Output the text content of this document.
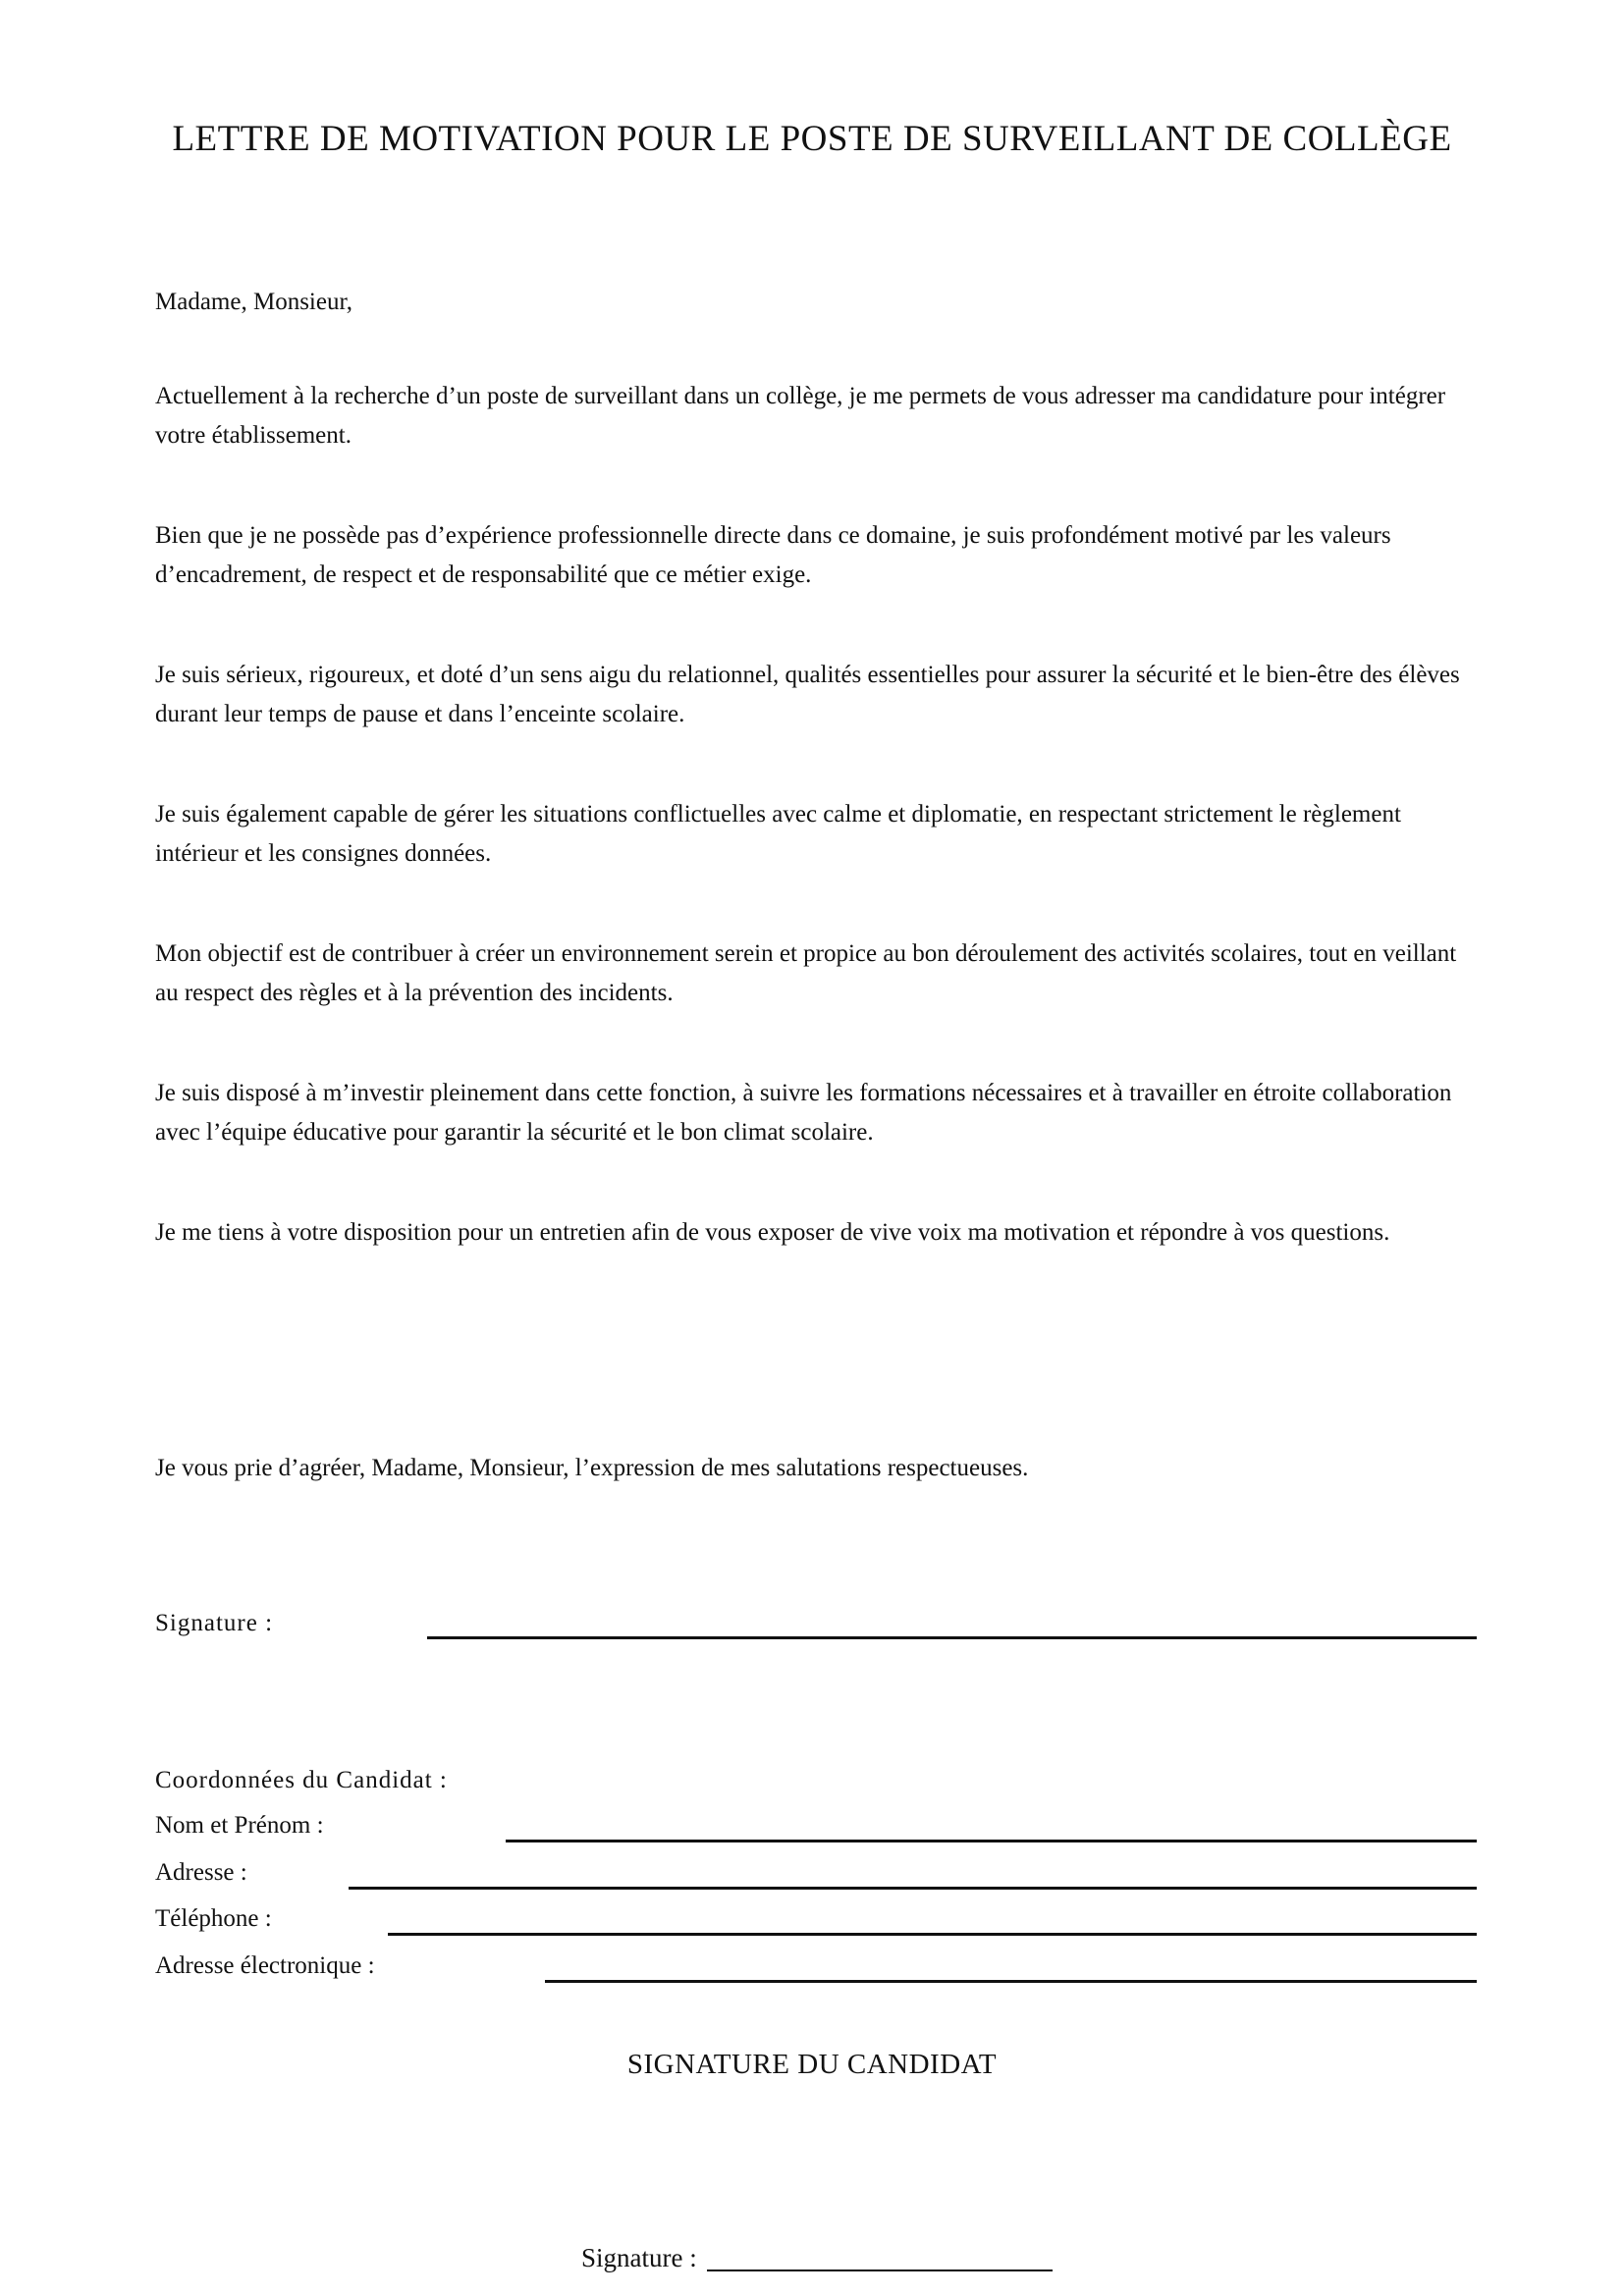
LETTRE DE MOTIVATION POUR LE POSTE DE SURVEILLANT DE COLLÈGE

Madame, Monsieur,

Actuellement à la recherche d’un poste de surveillant dans un collège, je me permets de vous adresser ma candidature pour intégrer votre établissement.

Bien que je ne possède pas d’expérience professionnelle directe dans ce domaine, je suis profondément motivé par les valeurs d’encadrement, de respect et de responsabilité que ce métier exige.

Je suis sérieux, rigoureux, et doté d’un sens aigu du relationnel, qualités essentielles pour assurer la sécurité et le bien-être des élèves durant leur temps de pause et dans l’enceinte scolaire.

Je suis également capable de gérer les situations conflictuelles avec calme et diplomatie, en respectant strictement le règlement intérieur et les consignes données.

Mon objectif est de contribuer à créer un environnement serein et propice au bon déroulement des activités scolaires, tout en veillant au respect des règles et à la prévention des incidents.

Je suis disposé à m’investir pleinement dans cette fonction, à suivre les formations nécessaires et à travailler en étroite collaboration avec l’équipe éducative pour garantir la sécurité et le bon climat scolaire.

Je me tiens à votre disposition pour un entretien afin de vous exposer de vive voix ma motivation et répondre à vos questions.

Je vous prie d’agréer, Madame, Monsieur, l’expression de mes salutations respectueuses.

Signature :
Coordonnées du Candidat :
Nom et Prénom :
Adresse :
Téléphone :
Adresse électronique :
SIGNATURE DU CANDIDAT
Signature :
